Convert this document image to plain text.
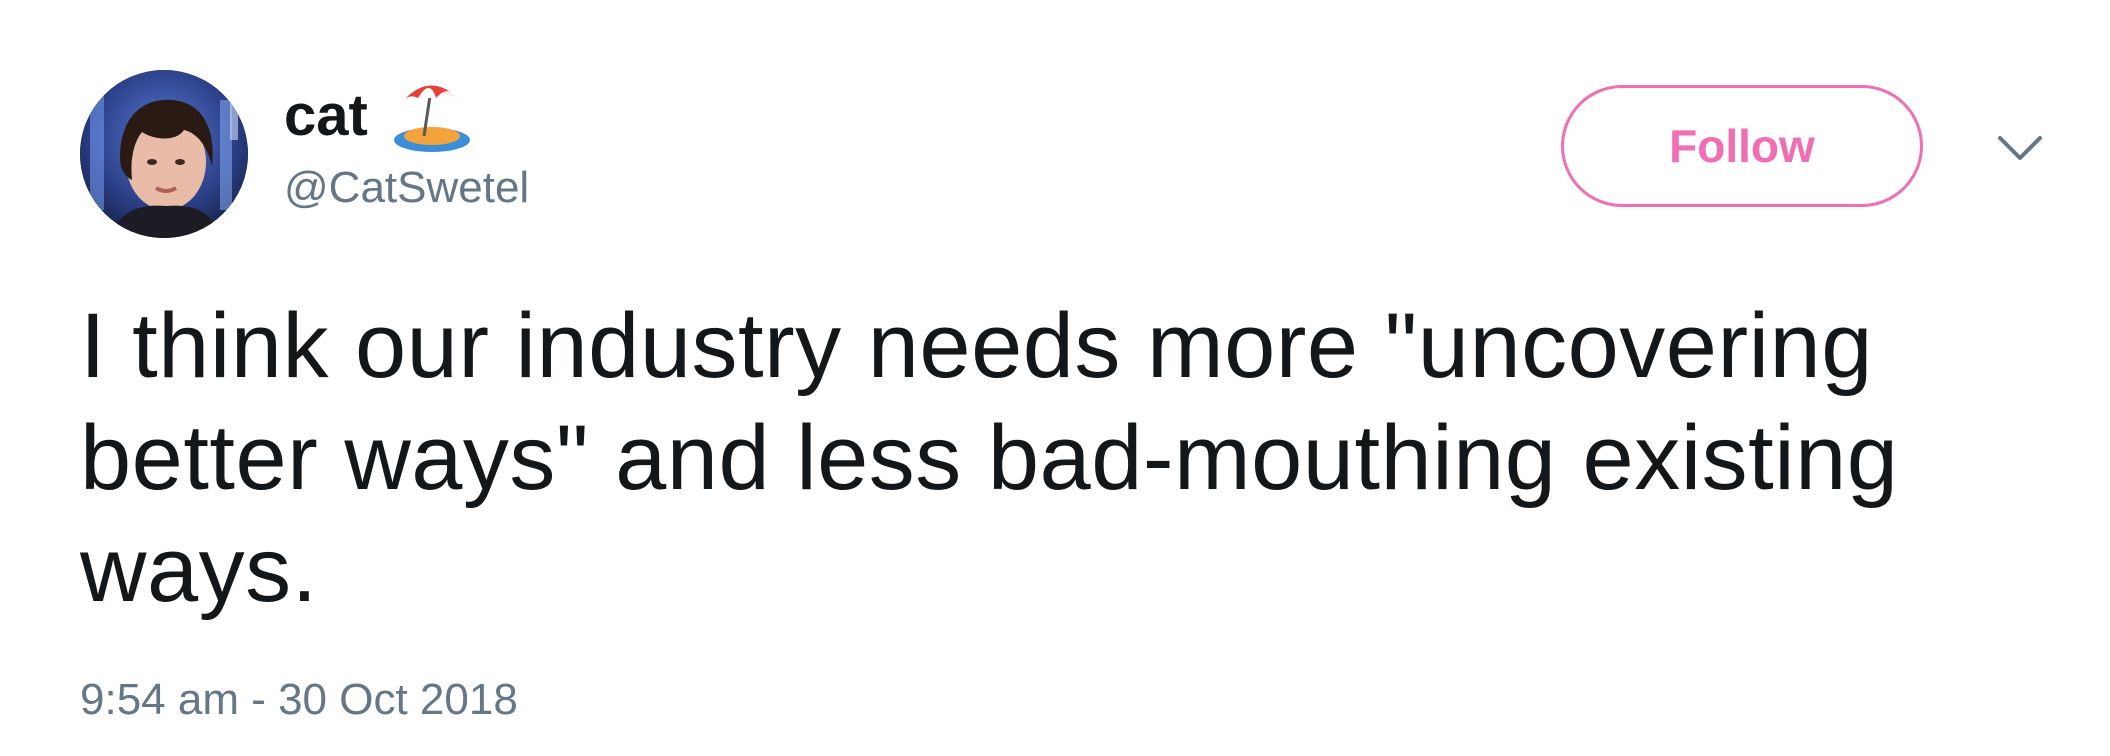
cat
@CatSwetel
Follow
I think our industry needs more "uncovering better ways" and less bad-mouthing existing ways.
9:54 am - 30 Oct 2018
